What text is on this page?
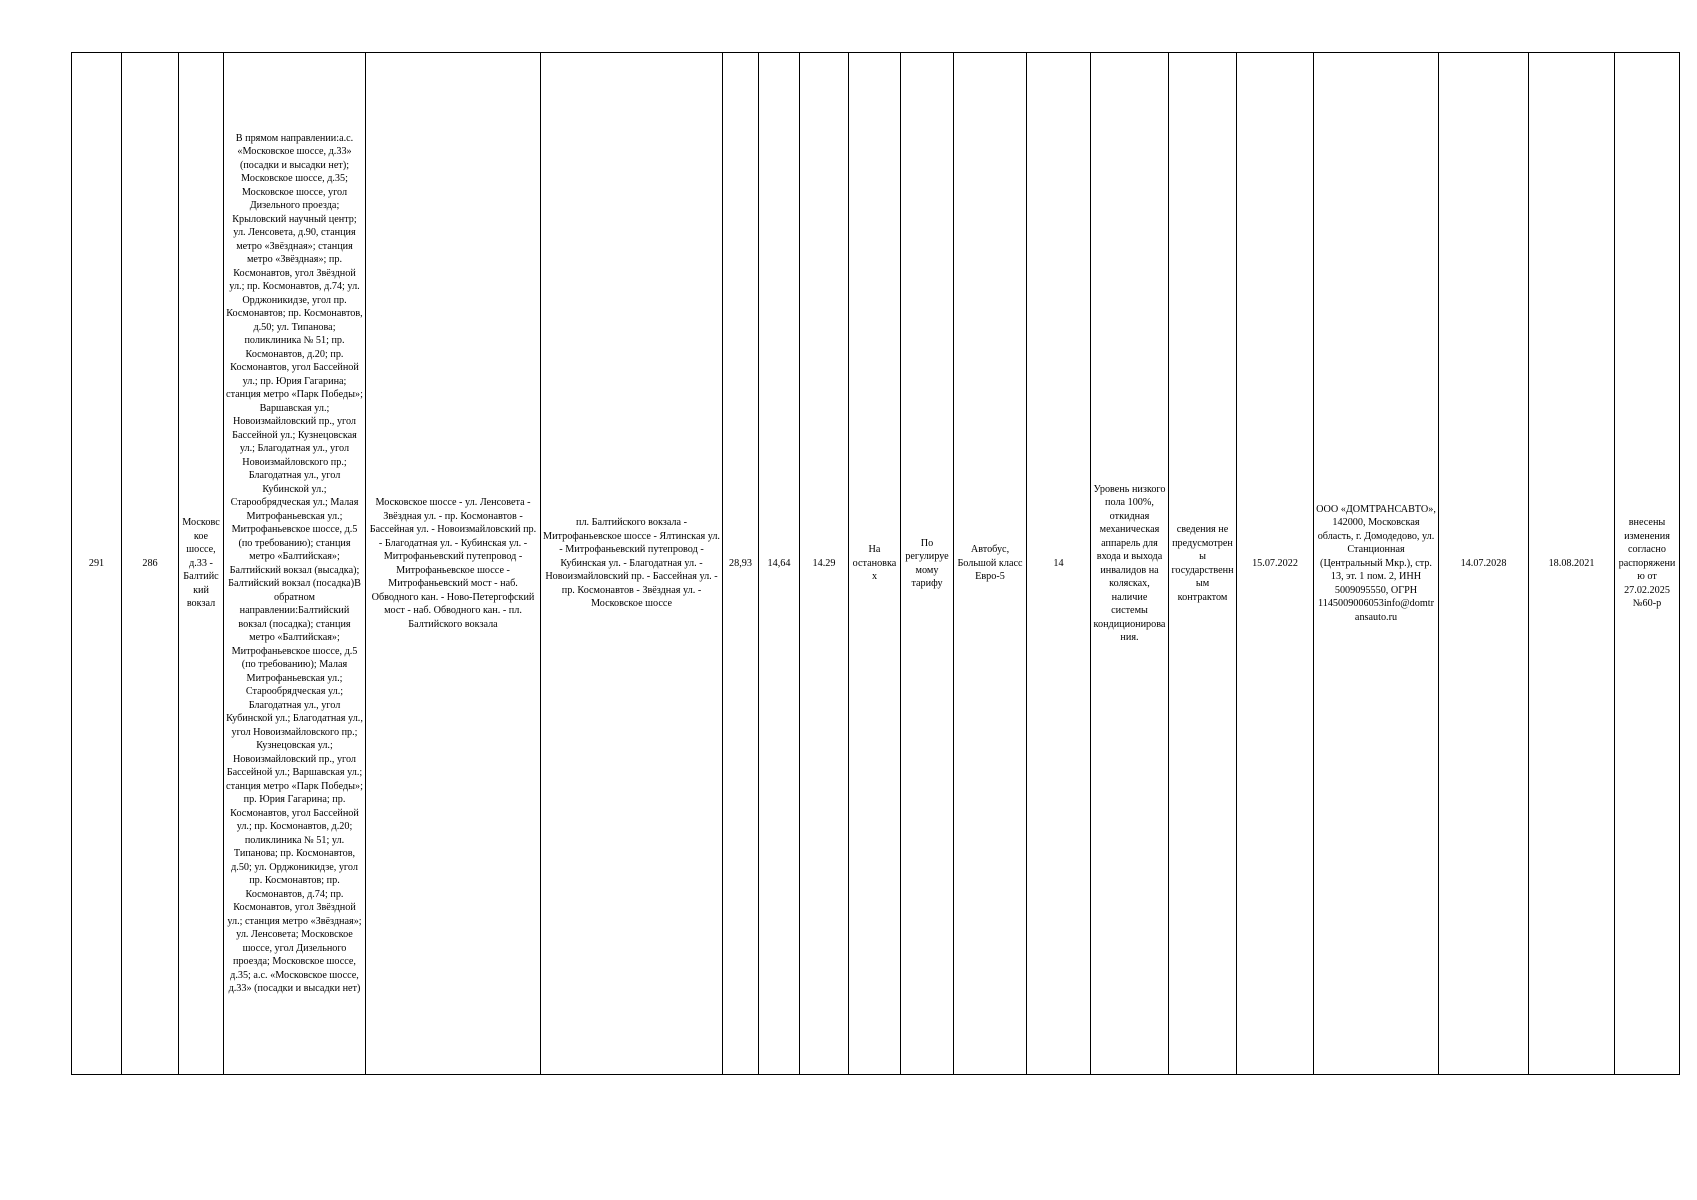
291	286	Московское шоссе, д.33 - Балтийский вокзал	В прямом направлении:а.с. «Московское шоссе, д.33» (посадки и высадки нет); Московское шоссе, д.35; Московское шоссе, угол Дизельного проезда; Крыловский научный центр; ул. Ленсовета, д.90, станция метро «Звёздная»; станция метро «Звёздная»; пр. Космонавтов, угол Звёздной ул.; пр. Космонавтов, д.74; ул. Орджоникидзе, угол пр. Космонавтов; пр. Космонавтов, д.50; ул. Типанова; поликлиника № 51; пр. Космонавтов, д.20; пр. Космонавтов, угол Бассейной ул.; пр. Юрия Гагарина; станция метро «Парк Победы»; Варшавская ул.; Новоизмайловский пр., угол Бассейной ул.; Кузнецовская ул.; Благодатная ул., угол Новоизмайловского пр.; Благодатная ул., угол Кубинской ул.; Старообрядческая ул.; Малая Митрофаньевская ул.; Митрофаньевское шоссе, д.5 (по требованию); станция метро «Балтийская»; Балтийский вокзал (высадка); Балтийский вокзал (посадка)В обратном направлении:Балтийский вокзал (посадка); станция метро «Балтийская»; Митрофаньевское шоссе, д.5 (по требованию); Малая Митрофаньевская ул.; Старообрядческая ул.; Благодатная ул., угол Кубинской ул.; Благодатная ул., угол Новоизмайловского пр.; Кузнецовская ул.; Новоизмайловский пр., угол Бассейной ул.; Варшавская ул.; станция метро «Парк Победы»; пр. Юрия Гагарина; пр. Космонавтов, угол Бассейной ул.; пр. Космонавтов, д.20; поликлиника № 51; ул. Типанова; пр. Космонавтов, д.50; ул. Орджоникидзе, угол пр. Космонавтов; пр. Космонавтов, д.74; пр. Космонавтов, угол Звёздной ул.; станция метро «Звёздная»; ул. Ленсовета; Московское шоссе, угол Дизельного проезда; Московское шоссе, д.35; а.с. «Московское шоссе, д.33» (посадки и высадки нет)	Московское шоссе - ул. Ленсовета - Звёздная ул. - пр. Космонавтов - Бассейная ул. - Новоизмайловский пр. - Благодатная ул. - Кубинская ул. - Митрофаньевский путепровод - Митрофаньевское шоссе - Митрофаньевский мост - наб. Обводного кан. - Ново-Петергофский мост - наб. Обводного кан. - пл. Балтийского вокзала	пл. Балтийского вокзала - Митрофаньевское шоссе - Ялтинская ул. - Митрофаньевский путепровод - Кубинская ул. - Благодатная ул. - Новоизмайловский пр. - Бассейная ул. - пр. Космонавтов - Звёздная ул. - Московское шоссе	28,93	14,64	14.29	На остановках	По регулируемому тарифу	Автобус, Большой класс Евро-5	14	Уровень низкого пола 100%, откидная механическая аппарель для входа и выхода инвалидов на колясках, наличие системы кондиционирования.	сведения не предусмотрены государственным контрактом	15.07.2022	ООО «ДОМТРАНСАВТО», 142000, Московская область, г. Домодедово, ул. Станционная (Центральный Мкр.), стр. 13, эт. 1 пом. 2, ИНН 5009095550, ОГРН 1145009006053info@domtransauto.ru	14.07.2028	18.08.2021	внесены изменения согласно распоряжению от 27.02.2025 №60-р
